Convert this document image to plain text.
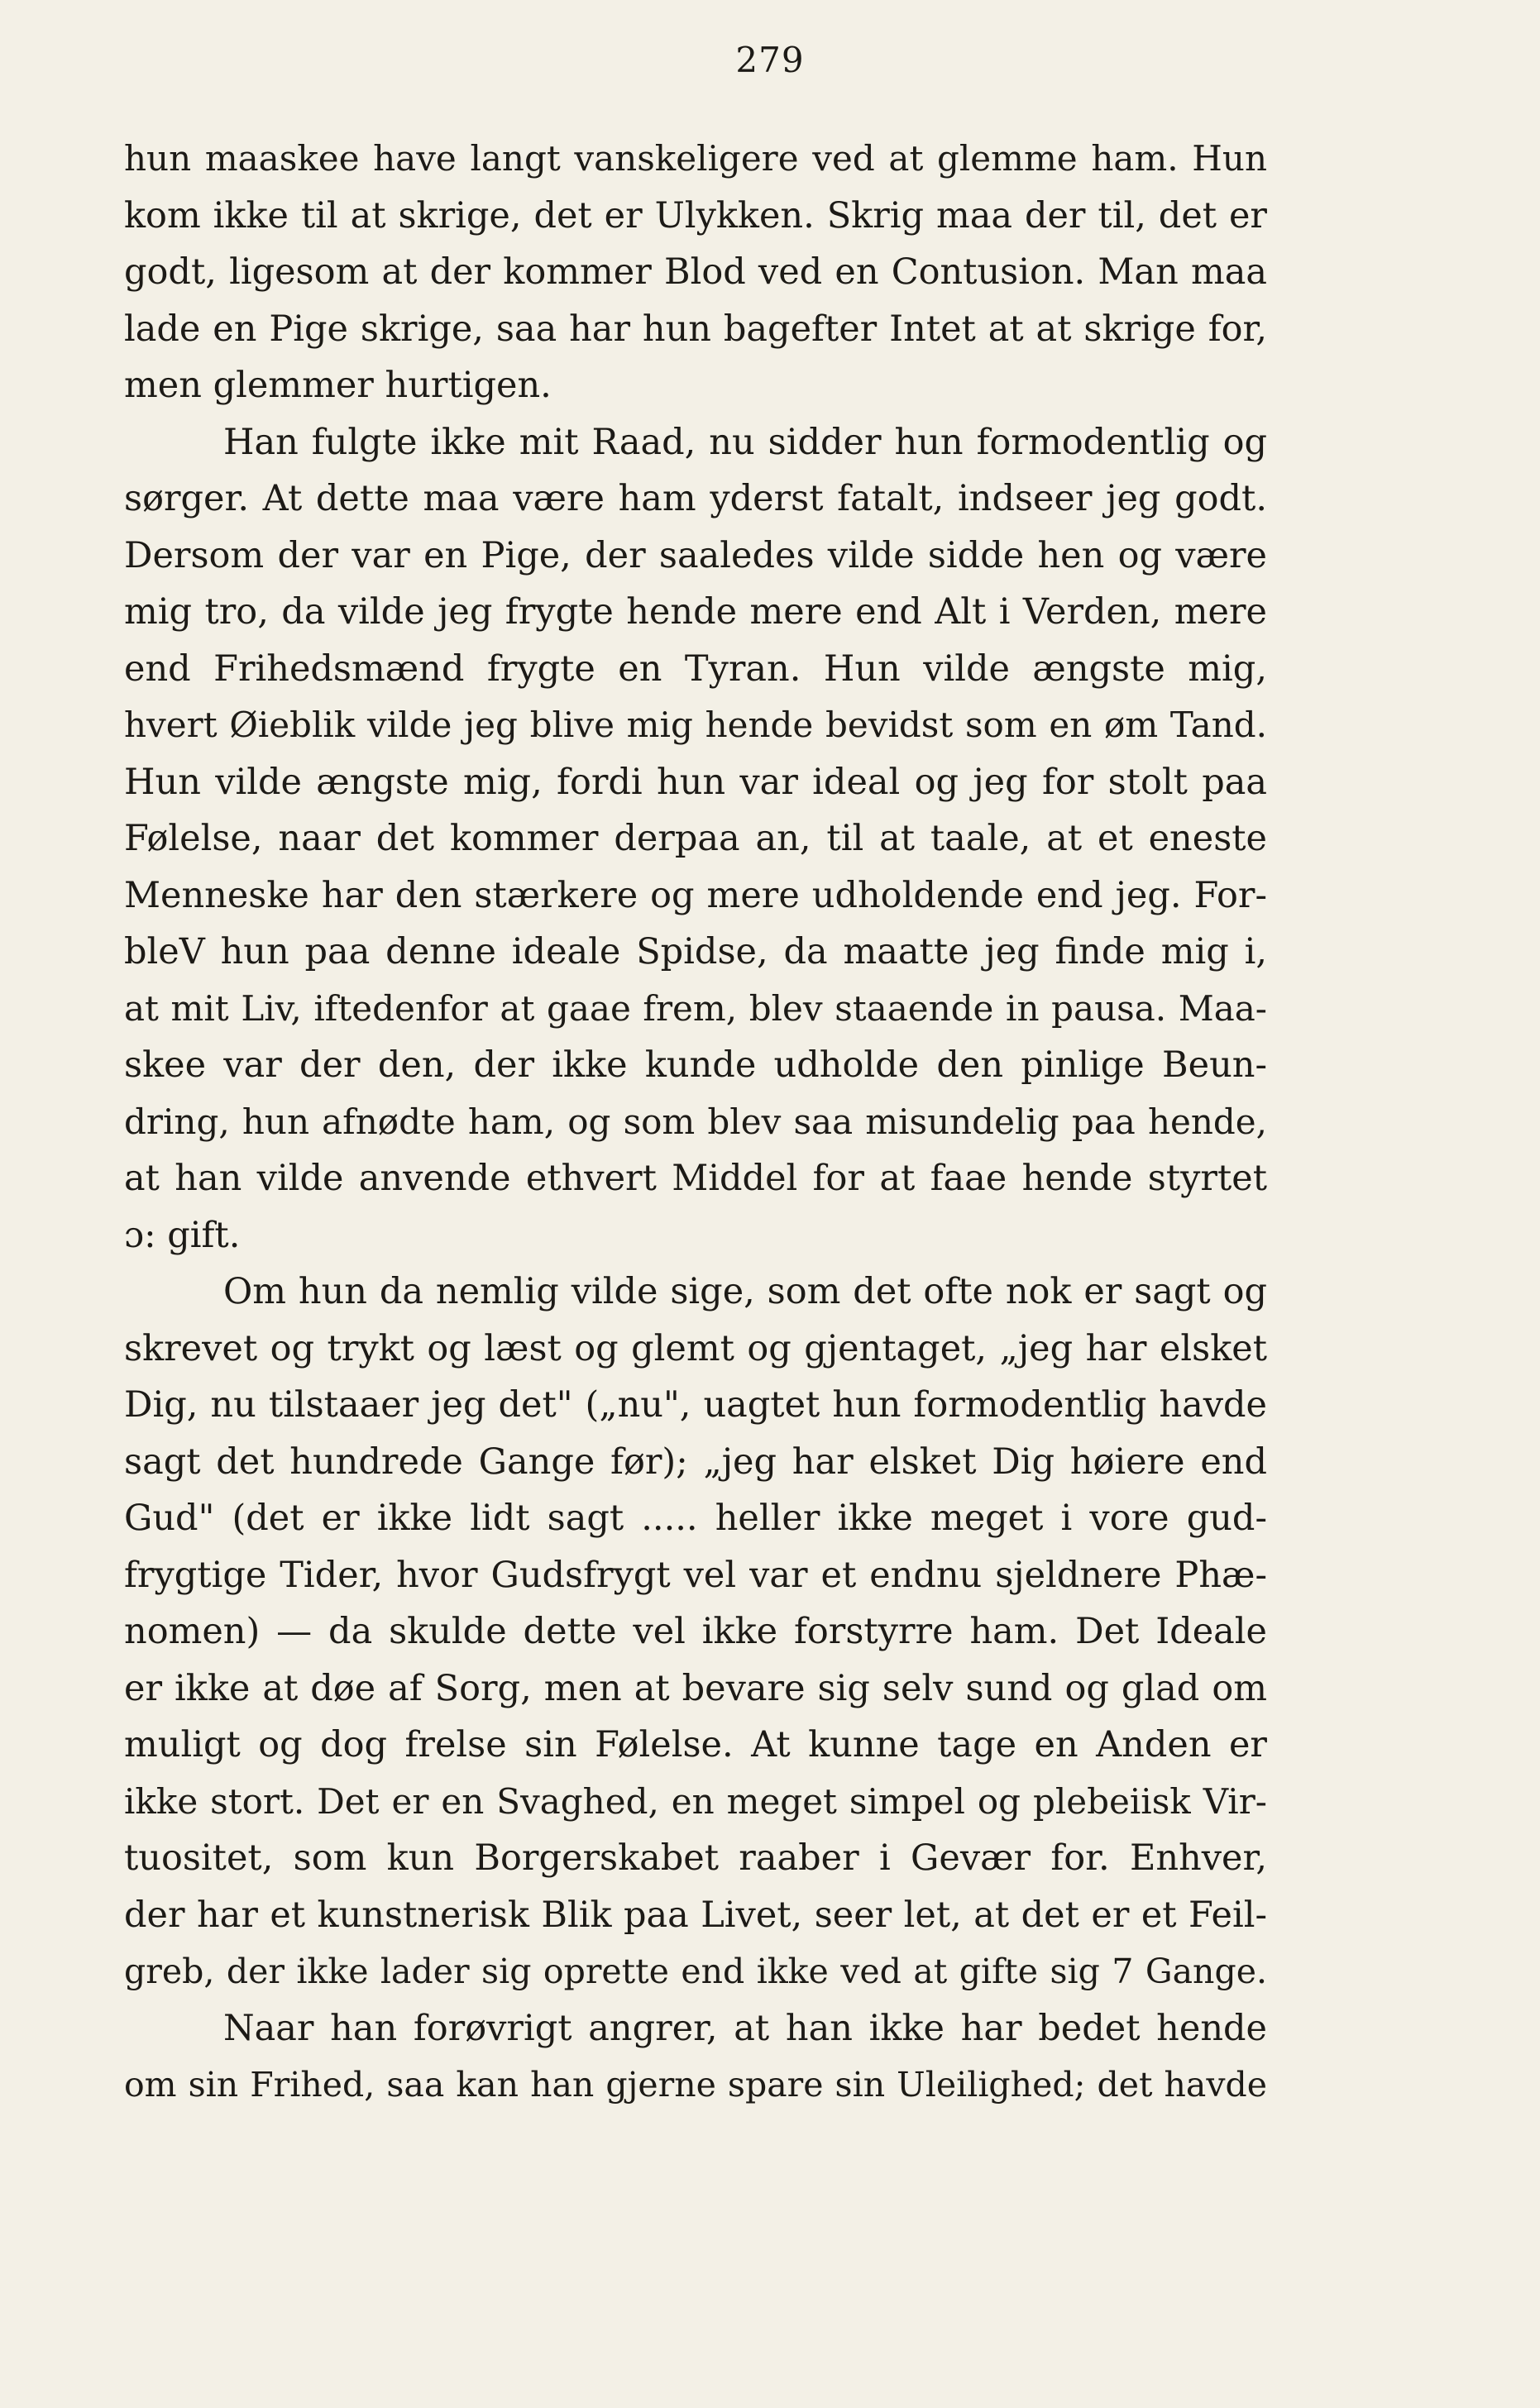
279
hun maaskee have langt vanskeligere ved at glemme ham. Hun
kom ikke til at skrige, det er Ulykken. Skrig maa der til, det er
godt, ligesom at der kommer Blod ved en Contusion. Man maa
lade en Pige skrige, saa har hun bagefter Intet at at skrige for,
men glemmer hurtigen.
Han fulgte ikke mit Raad, nu sidder hun formodentlig og
sørger. At dette maa være ham yderst fatalt, indseer jeg godt.
Dersom der var en Pige, der saaledes vilde sidde hen og være
mig tro, da vilde jeg frygte hende mere end Alt i Verden, mere
end Frihedsmænd frygte en Tyran. Hun vilde ængste mig,
hvert Øieblik vilde jeg blive mig hende bevidst som en øm Tand.
Hun vilde ængste mig, fordi hun var ideal og jeg for stolt paa
Følelse, naar det kommer derpaa an, til at taale, at et eneste
Menneske har den stærkere og mere udholdende end jeg. For-
bleV hun paa denne ideale Spidse, da maatte jeg finde mig i,
at mit Liv, iftedenfor at gaae frem, blev staaende in pausa. Maa-
skee var der den, der ikke kunde udholde den pinlige Beun-
dring, hun afnødte ham, og som blev saa misundelig paa hende,
at han vilde anvende ethvert Middel for at faae hende styrtet
ɔ: gift.
Om hun da nemlig vilde sige, som det ofte nok er sagt og
skrevet og trykt og læst og glemt og gjentaget, „jeg har elsket
Dig, nu tilstaaer jeg det" („nu", uagtet hun formodentlig havde
sagt det hundrede Gange før); „jeg har elsket Dig høiere end
Gud" (det er ikke lidt sagt ..... heller ikke meget i vore gud-
frygtige Tider, hvor Gudsfrygt vel var et endnu sjeldnere Phæ-
nomen) — da skulde dette vel ikke forstyrre ham. Det Ideale
er ikke at døe af Sorg, men at bevare sig selv sund og glad om
muligt og dog frelse sin Følelse. At kunne tage en Anden er
ikke stort. Det er en Svaghed, en meget simpel og plebeiisk Vir-
tuositet, som kun Borgerskabet raaber i Gevær for. Enhver,
der har et kunstnerisk Blik paa Livet, seer let, at det er et Feil-
greb, der ikke lader sig oprette end ikke ved at gifte sig 7 Gange.
Naar han forøvrigt angrer, at han ikke har bedet hende
om sin Frihed, saa kan han gjerne spare sin Uleilighed; det havde
